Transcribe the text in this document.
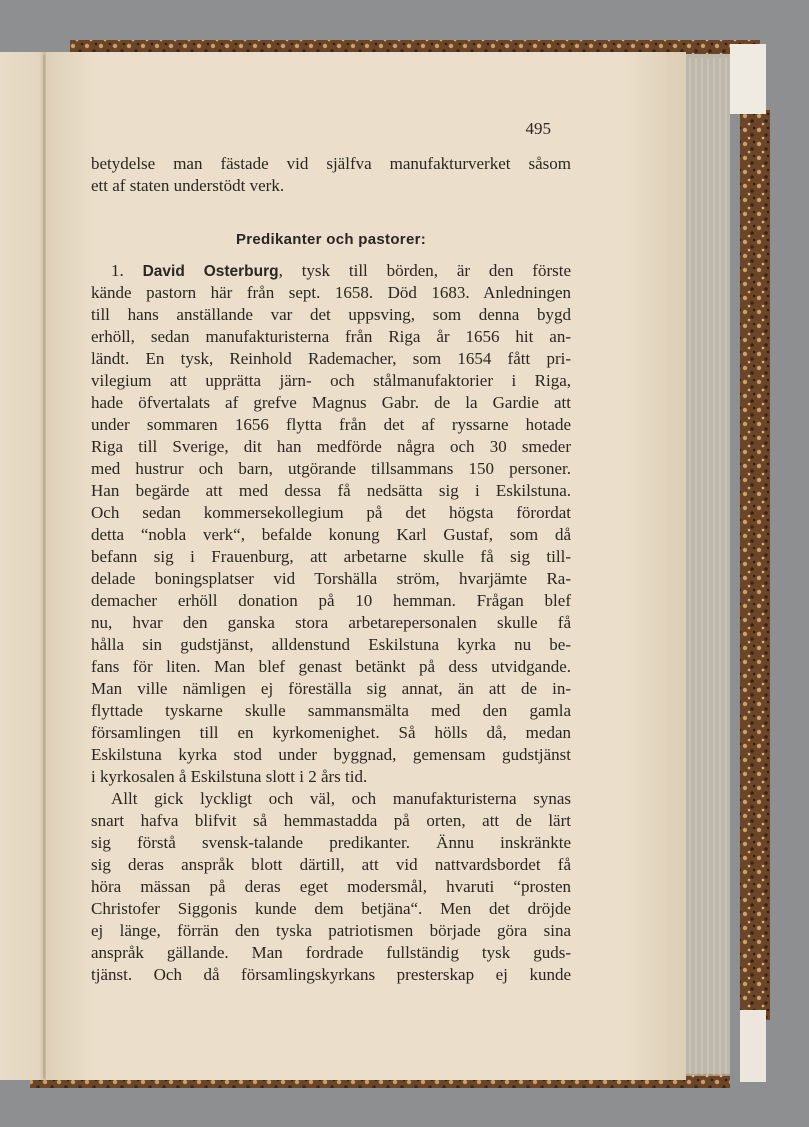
495
betydelse man fästade vid själfva manufakturverket såsom
ett af staten understödt verk.
Predikanter och pastorer:
1. David Osterburg, tysk till börden, är den förste
kände pastorn här från sept. 1658. Död 1683. Anledningen
till hans anställande var det uppsving, som denna bygd
erhöll, sedan manufakturisterna från Riga år 1656 hit an-
ländt. En tysk, Reinhold Rademacher, som 1654 fått pri-
vilegium att upprätta järn- och stålmanufaktorier i Riga,
hade öfvertalats af grefve Magnus Gabr. de la Gardie att
under sommaren 1656 flytta från det af ryssarne hotade
Riga till Sverige, dit han medförde några och 30 smeder
med hustrur och barn, utgörande tillsammans 150 personer.
Han begärde att med dessa få nedsätta sig i Eskilstuna.
Och sedan kommersekollegium på det högsta förordat
detta “nobla verk“, befalde konung Karl Gustaf, som då
befann sig i Frauenburg, att arbetarne skulle få sig till-
delade boningsplatser vid Torshälla ström, hvarjämte Ra-
demacher erhöll donation på 10 hemman. Frågan blef
nu, hvar den ganska stora arbetarepersonalen skulle få
hålla sin gudstjänst, alldenstund Eskilstuna kyrka nu be-
fans för liten. Man blef genast betänkt på dess utvidgande.
Man ville nämligen ej föreställa sig annat, än att de in-
flyttade tyskarne skulle sammansmälta med den gamla
församlingen till en kyrkomenighet. Så hölls då, medan
Eskilstuna kyrka stod under byggnad, gemensam gudstjänst
i kyrkosalen å Eskilstuna slott i 2 års tid.
Allt gick lyckligt och väl, och manufakturisterna synas
snart hafva blifvit så hemmastadda på orten, att de lärt
sig förstå svensk-talande predikanter. Ännu inskränkte
sig deras anspråk blott därtill, att vid nattvardsbordet få
höra mässan på deras eget modersmål, hvaruti “prosten
Christofer Siggonis kunde dem betjäna“. Men det dröjde
ej länge, förrän den tyska patriotismen började göra sina
anspråk gällande. Man fordrade fullständig tysk guds-
tjänst. Och då församlingskyrkans presterskap ej kunde
